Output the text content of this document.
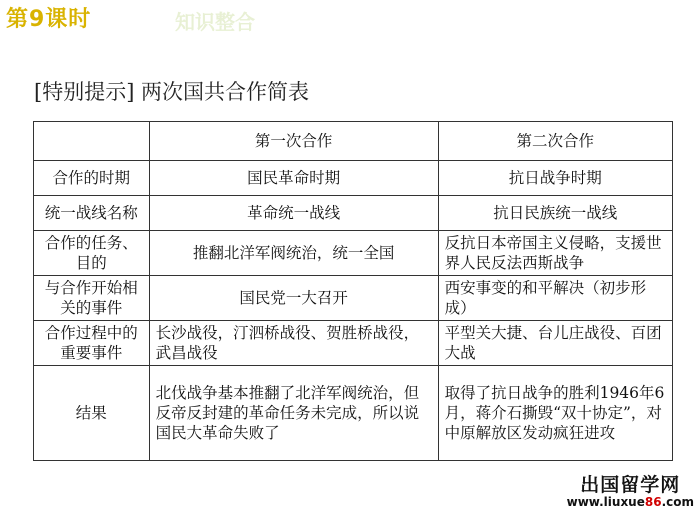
第9课时	知识整合
[特别提示] 两次国共合作简表
	第一次合作	第二次合作
合作的时期	国民革命时期	抗日战争时期
统一战线名称	革命统一战线	抗日民族统一战线
合作的任务、目的	推翻北洋军阀统治，统一全国	反抗日本帝国主义侵略，支援世界人民反法西斯战争
与合作开始相关的事件	国民党一大召开	西安事变的和平解决（初步形成）
合作过程中的重要事件	长沙战役，汀泗桥战役、贺胜桥战役，武昌战役	平型关大捷、台儿庄战役、百团大战
结果	北伐战争基本推翻了北洋军阀统治，但反帝反封建的革命任务未完成，所以说国民大革命失败了	取得了抗日战争的胜利1946年6月，蒋介石撕毁“双十协定”，对中原解放区发动疯狂进攻
出国留学网
www.liuxue86.com
